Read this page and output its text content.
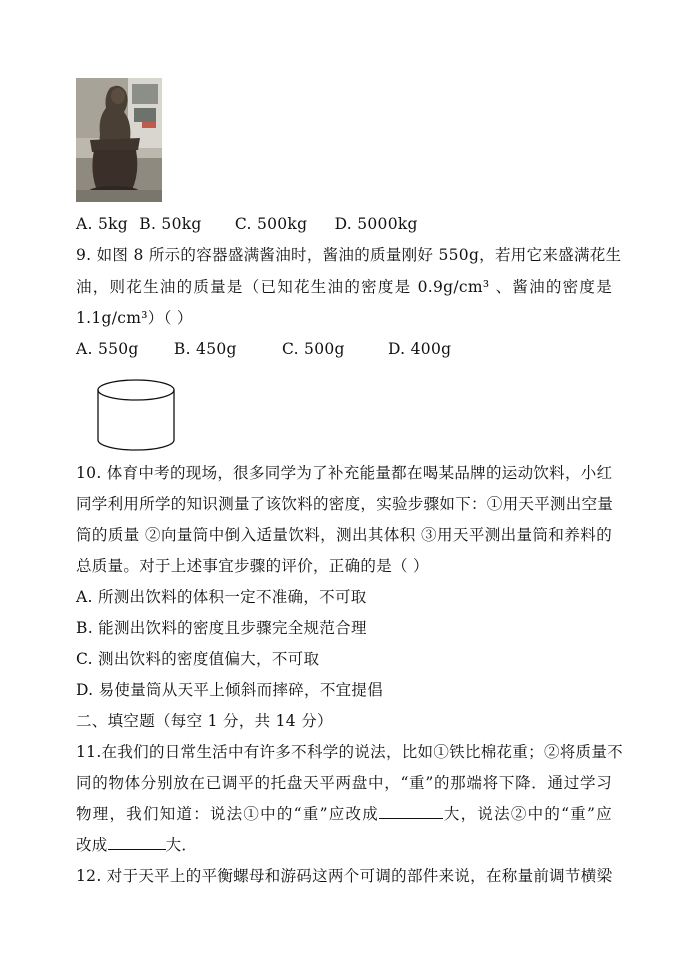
A. 5kg B. 50kg C. 500kg D. 5000kg
9. 如图 8 所示的容器盛满酱油时，酱油的质量刚好 550g，若用它来盛满花生
油，则花生油的质量是（已知花生油的密度是 0.9g/cm³ 、酱油的密度是
1.1g/cm³）（ ）
A. 550g B. 450g	C. 500g	D. 400g
10. 体育中考的现场，很多同学为了补充能量都在喝某品牌的运动饮料，小红
同学利用所学的知识测量了该饮料的密度，实验步骤如下：①用天平测出空量
筒的质量 ②向量筒中倒入适量饮料，测出其体积 ③用天平测出量筒和养料的
总质量。对于上述事宜步骤的评价，正确的是（ ）
A. 所测出饮料的体积一定不准确，不可取
B. 能测出饮料的密度且步骤完全规范合理
C. 测出饮料的密度值偏大，不可取
D. 易使量筒从天平上倾斜而摔碎，不宜提倡
二、填空题（每空 1 分，共 14 分）
11.在我们的日常生活中有许多不科学的说法，比如①铁比棉花重；②将质量不
同的物体分别放在已调平的托盘天平两盘中，“重”的那端将下降．通过学习
物理，我们知道：说法①中的“重”应改成	大，说法②中的“重”应
改成	大．
12. 对于天平上的平衡螺母和游码这两个可调的部件来说，在称量前调节横梁
